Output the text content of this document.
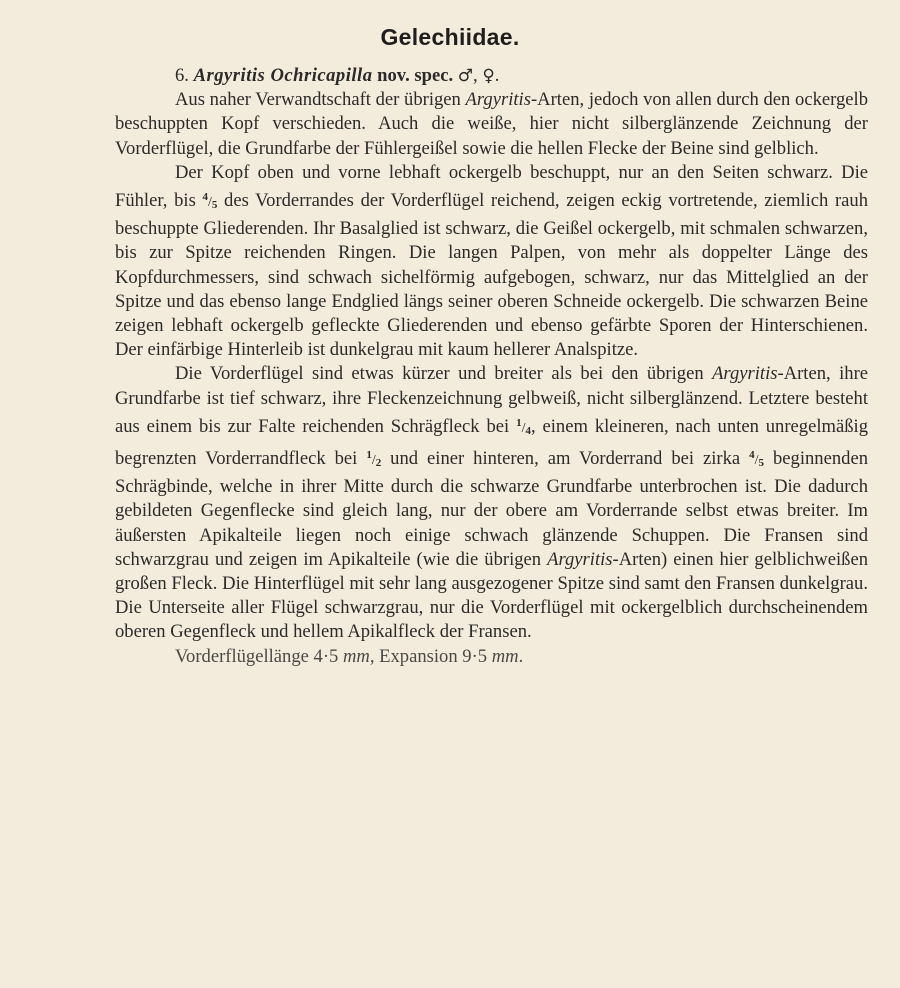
Gelechiidae.

6. Argyritis Ochricapilla nov. spec. ♂, ♀.

Aus naher Verwandtschaft der übrigen Argyritis-Arten, jedoch von allen durch den ockergelb beschuppten Kopf verschieden. Auch die weiße, hier nicht silberglänzende Zeichnung der Vorderflügel, die Grundfarbe der Fühlergeißel sowie die hellen Flecke der Beine sind gelblich.

Der Kopf oben und vorne lebhaft ockergelb beschuppt, nur an den Seiten schwarz. Die Fühler, bis $^4/_5$ des Vorderrandes der Vorderflügel reichend, zeigen eckig vortretende, ziemlich rauh beschuppte Gliederenden. Ihr Basalglied ist schwarz, die Geißel ockergelb, mit schmalen schwarzen, bis zur Spitze reichenden Ringen. Die langen Palpen, von mehr als doppelter Länge des Kopfdurchmessers, sind schwach sichelförmig aufgebogen, schwarz, nur das Mittelglied an der Spitze und das ebenso lange Endglied längs seiner oberen Schneide ockergelb. Die schwarzen Beine zeigen lebhaft ockergelb gefleckte Gliederenden und ebenso gefärbte Sporen der Hinterschienen. Der einfärbige Hinterleib ist dunkelgrau mit kaum hellerer Analspitze.

Die Vorderflügel sind etwas kürzer und breiter als bei den übrigen Argyritis-Arten, ihre Grundfarbe ist tief schwarz, ihre Fleckenzeichnung gelbweiß, nicht silberglänzend. Letztere besteht aus einem bis zur Falte reichenden Schrägfleck bei $^1/_4$, einem kleineren, nach unten unregelmäßig begrenzten Vorderrandfleck bei $^1/_2$ und einer hinteren, am Vorderrand bei zirka $^4/_5$ beginnenden Schrägbinde, welche in ihrer Mitte durch die schwarze Grundfarbe unterbrochen ist. Die dadurch gebildeten Gegenflecke sind gleich lang, nur der obere am Vorderrande selbst etwas breiter. Im äußersten Apikalteile liegen noch einige schwach glänzende Schuppen. Die Fransen sind schwarzgrau und zeigen im Apikalteile (wie die übrigen Argyritis-Arten) einen hier gelblichweißen großen Fleck. Die Hinterflügel mit sehr lang ausgezogener Spitze sind samt den Fransen dunkelgrau. Die Unterseite aller Flügel schwarzgrau, nur die Vorderflügel mit ockergelblich durchscheinendem oberen Gegenfleck und hellem Apikalfleck der Fransen.

Vorderflügellänge 4·5 mm, Expansion 9·5 mm.
